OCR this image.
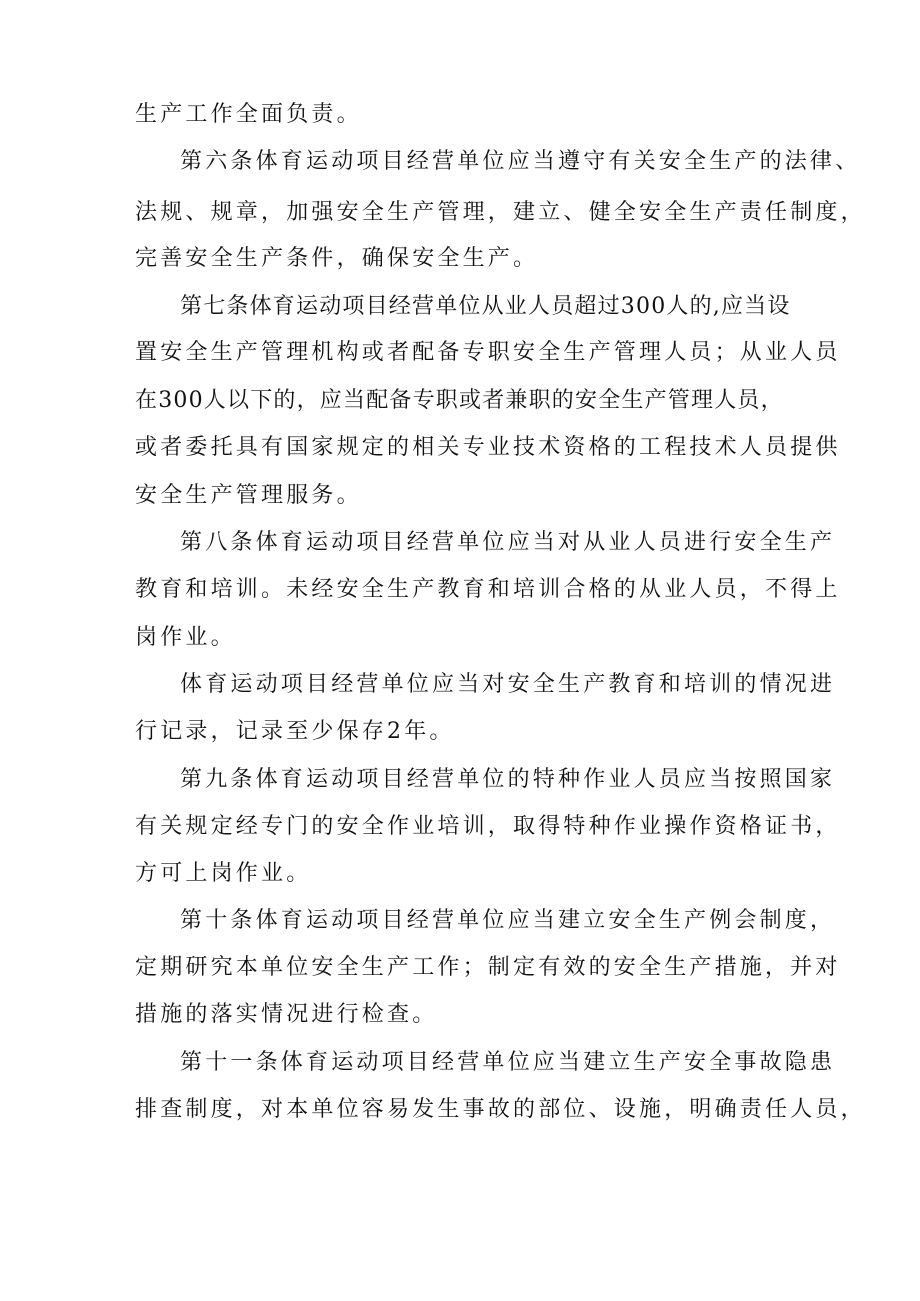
生产工作全面负责。
第六条体育运动项目经营单位应当遵守有关安全生产的法律、
法规、规章，加强安全生产管理，建立、健全安全生产责任制度，
完善安全生产条件，确保安全生产。
第七条体育运动项目经营单位从业人员超过300人的,应当设
置安全生产管理机构或者配备专职安全生产管理人员；从业人员
在300人以下的，应当配备专职或者兼职的安全生产管理人员，
或者委托具有国家规定的相关专业技术资格的工程技术人员提供
安全生产管理服务。
第八条体育运动项目经营单位应当对从业人员进行安全生产
教育和培训。未经安全生产教育和培训合格的从业人员，不得上
岗作业。
体育运动项目经营单位应当对安全生产教育和培训的情况进
行记录，记录至少保存2年。
第九条体育运动项目经营单位的特种作业人员应当按照国家
有关规定经专门的安全作业培训，取得特种作业操作资格证书，
方可上岗作业。
第十条体育运动项目经营单位应当建立安全生产例会制度，
定期研究本单位安全生产工作；制定有效的安全生产措施，并对
措施的落实情况进行检查。
第十一条体育运动项目经营单位应当建立生产安全事故隐患
排查制度，对本单位容易发生事故的部位、设施，明确责任人员，
